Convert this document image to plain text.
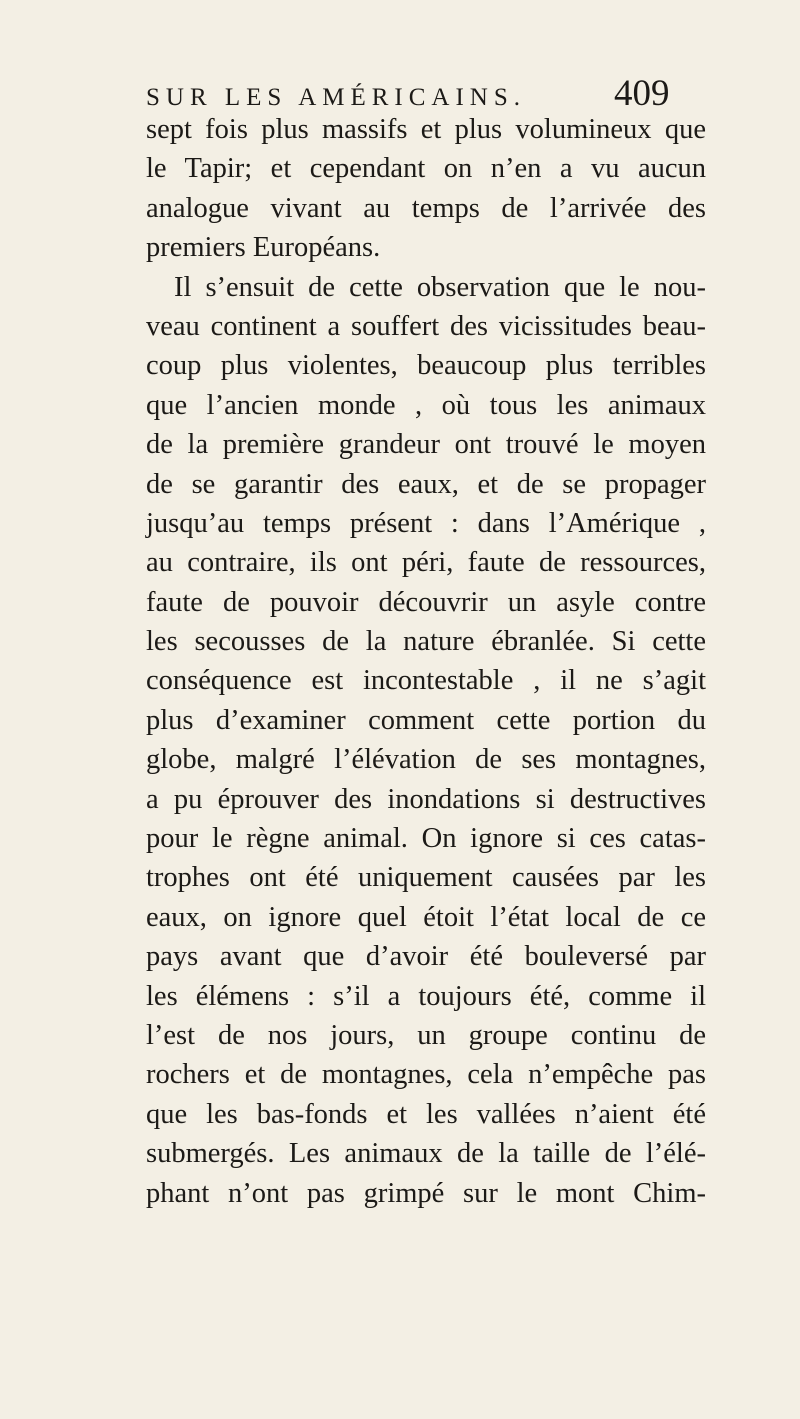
SUR LES AMÉRICAINS. 409
sept fois plus massifs et plus volumineux que
le Tapir; et cependant on n’en a vu aucun
analogue vivant au temps de l’arrivée des
premiers Européans.
Il s’ensuit de cette observation que le nou-
veau continent a souffert des vicissitudes beau-
coup plus violentes, beaucoup plus terribles
que l’ancien monde , où tous les animaux
de la première grandeur ont trouvé le moyen
de se garantir des eaux, et de se propager
jusqu’au temps présent : dans l’Amérique ,
au contraire, ils ont péri, faute de ressources,
faute de pouvoir découvrir un asyle contre
les secousses de la nature ébranlée. Si cette
conséquence est incontestable , il ne s’agit
plus d’examiner comment cette portion du
globe, malgré l’élévation de ses montagnes,
a pu éprouver des inondations si destructives
pour le règne animal. On ignore si ces catas-
trophes ont été uniquement causées par les
eaux, on ignore quel étoit l’état local de ce
pays avant que d’avoir été bouleversé par
les élémens : s’il a toujours été, comme il
l’est de nos jours, un groupe continu de
rochers et de montagnes, cela n’empêche pas
que les bas-fonds et les vallées n’aient été
submergés. Les animaux de la taille de l’élé-
phant n’ont pas grimpé sur le mont Chim-
